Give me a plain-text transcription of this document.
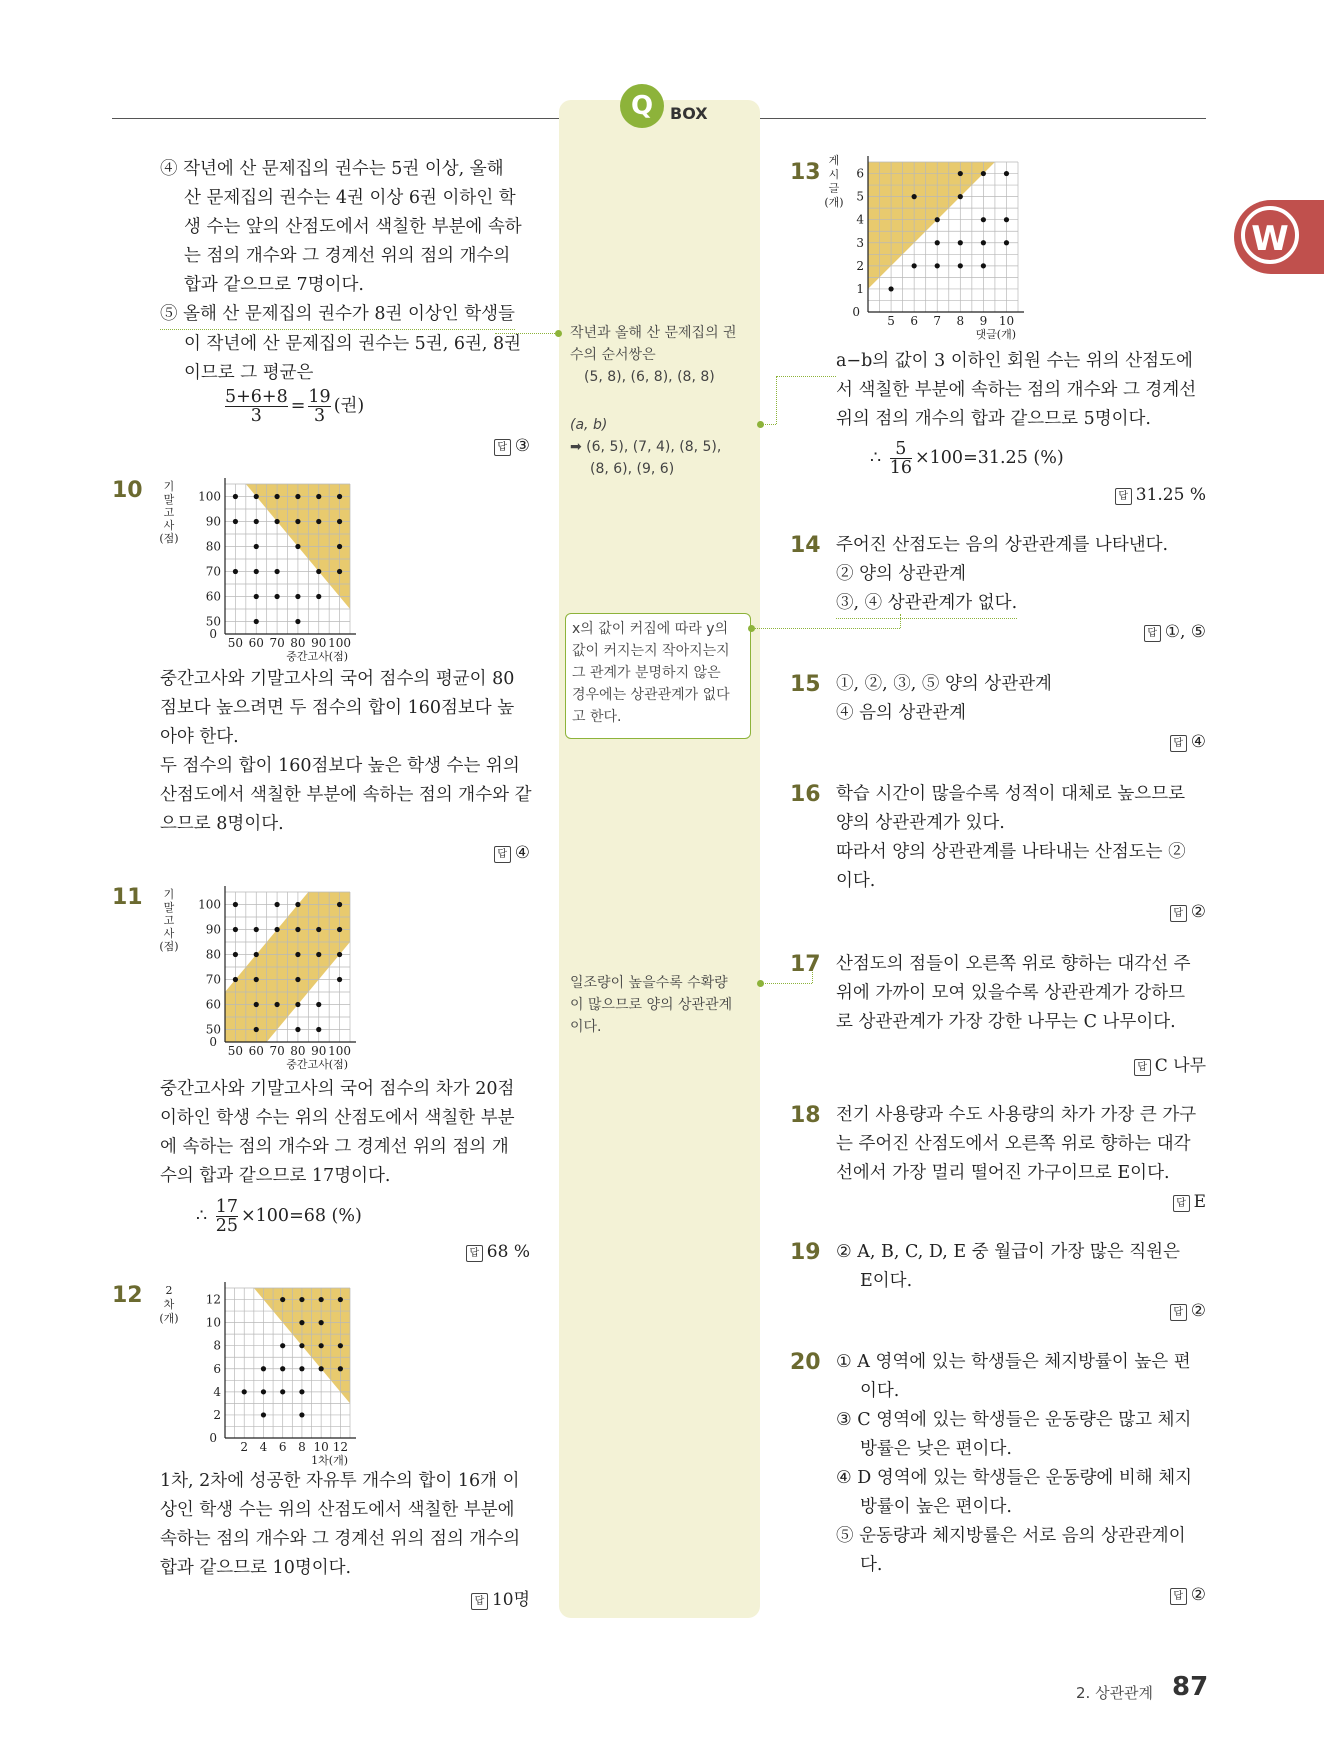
Q	BOX
W
④ 작년에 산 문제집의 권수는 5권 이상, 올해
산 문제집의 권수는 4권 이상 6권 이하인 학
생 수는 앞의 산점도에서 색칠한 부분에 속하
는 점의 개수와 그 경계선 위의 점의 개수의
합과 같으므로 7명이다.
⑤ 올해 산 문제집의 권수가 8권 이상인 학생들
이 작년에 산 문제집의 권수는 5권, 6권, 8권
이므로 그 평균은
$\frac{5+6+8}{3} = \frac{19}{3}$ (권)
답 ③
10
50 60 70 80 90 100
50
60
70
80
90
100
0
중간고사(점)
기
말
고
사
(점)
중간고사와 기말고사의 국어 점수의 평균이 80
점보다 높으려면 두 점수의 합이 160점보다 높
아야 한다.
두 점수의 합이 160점보다 높은 학생 수는 위의
산점도에서 색칠한 부분에 속하는 점의 개수와 같
으므로 8명이다.
답 ④
11
50 60 70 80 90 100
50
60
70
80
90
100
0
중간고사(점)
기
말
고
사
(점)
중간고사와 기말고사의 국어 점수의 차가 20점
이하인 학생 수는 위의 산점도에서 색칠한 부분
에 속하는 점의 개수와 그 경계선 위의 점의 개
수의 합과 같으므로 17명이다.
∴ $\frac{17}{25} \times 100=68$ (%)
답 68 %
12
2 4 6 8 10 12
2
4
6
8
10
12
0
1차(개)
2
차
(개)
1차, 2차에 성공한 자유투 개수의 합이 16개 이
상인 학생 수는 위의 산점도에서 색칠한 부분에
속하는 점의 개수와 그 경계선 위의 점의 개수의
합과 같으므로 10명이다.
답 10명
작년과 올해 산 문제집의 권
수의 순서쌍은
(5, 8), (6, 8), (8, 8)
(a, b)
➡ (6, 5), (7, 4), (8, 5),
(8, 6), (9, 6)
x의 값이 커짐에 따라 y의
값이 커지는지 작아지는지
그 관계가 분명하지 않은
경우에는 상관관계가 없다
고 한다.
일조량이 높을수록 수확량
이 많으므로 양의 상관관계
이다.
13
5 6 7 8 9 10
1
2
3
4
5
6
0
댓글(개)
게
시
글
(개)
a−b의 값이 3 이하인 회원 수는 위의 산점도에
서 색칠한 부분에 속하는 점의 개수와 그 경계선
위의 점의 개수의 합과 같으므로 5명이다.
∴ $\frac{5}{16} \times 100=31.25$ (%)
답 31.25 %
14 주어진 산점도는 음의 상관관계를 나타낸다.
② 양의 상관관계
③, ④ 상관관계가 없다.
답 ①, ⑤
15 ①, ②, ③, ⑤ 양의 상관관계
④ 음의 상관관계
답 ④
16 학습 시간이 많을수록 성적이 대체로 높으므로
양의 상관관계가 있다.
따라서 양의 상관관계를 나타내는 산점도는 ②
이다.
답 ②
17 산점도의 점들이 오른쪽 위로 향하는 대각선 주
위에 가까이 모여 있을수록 상관관계가 강하므
로 상관관계가 가장 강한 나무는 C 나무이다.
답 C 나무
18 전기 사용량과 수도 사용량의 차가 가장 큰 가구
는 주어진 산점도에서 오른쪽 위로 향하는 대각
선에서 가장 멀리 떨어진 가구이므로 E이다.
답 E
19 ② A, B, C, D, E 중 월급이 가장 많은 직원은
E이다.
답 ②
20 ① A 영역에 있는 학생들은 체지방률이 높은 편
이다.
③ C 영역에 있는 학생들은 운동량은 많고 체지
방률은 낮은 편이다.
④ D 영역에 있는 학생들은 운동량에 비해 체지
방률이 높은 편이다.
⑤ 운동량과 체지방률은 서로 음의 상관관계이
다.
답 ②
2. 상관관계 87
